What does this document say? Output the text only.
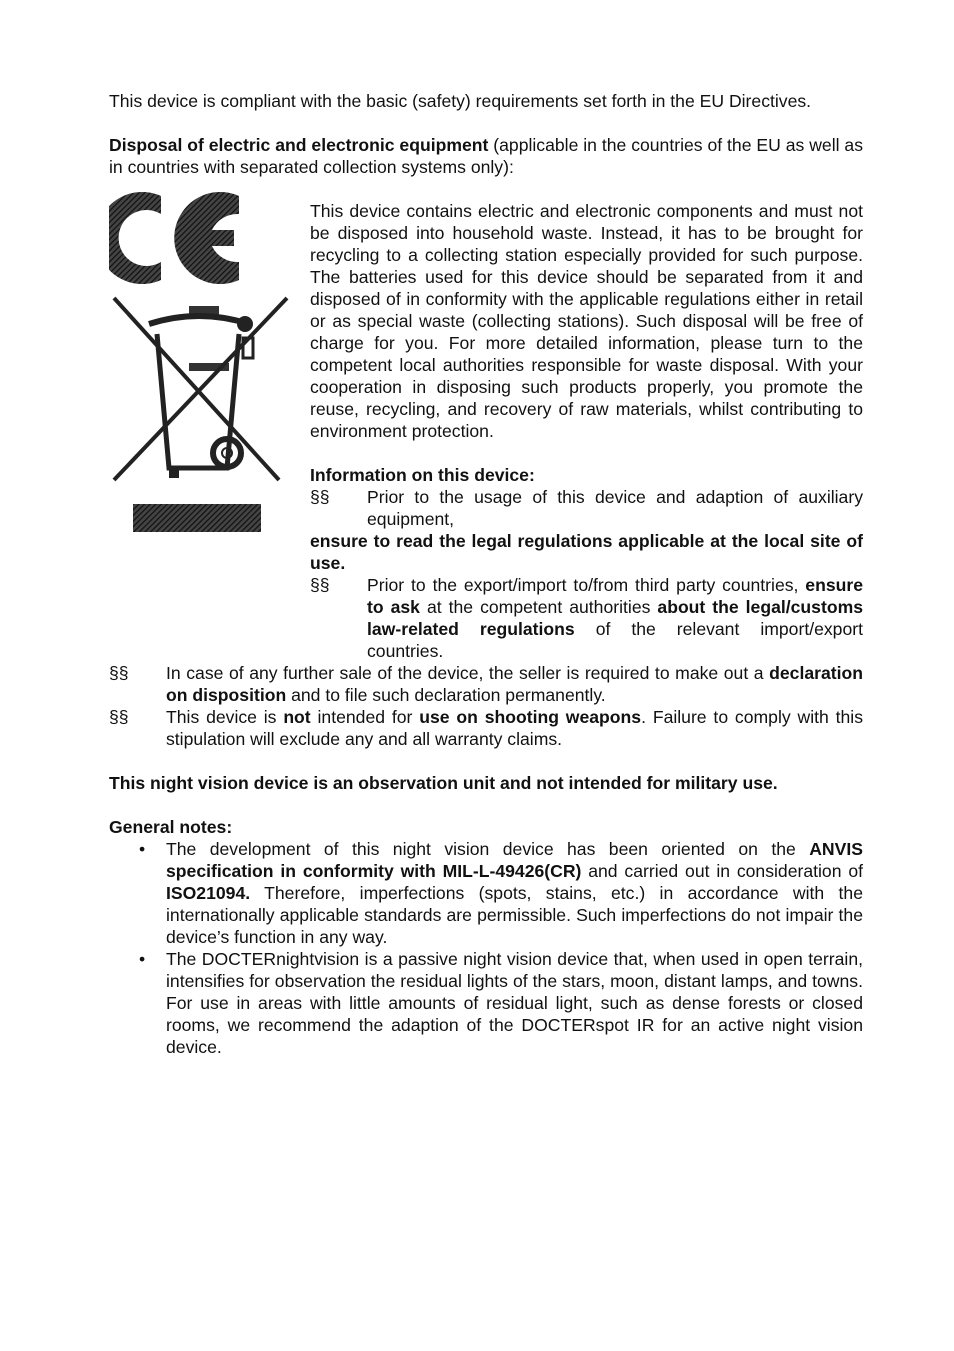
This device is compliant with the basic (safety) requirements set forth in the EU Directives.

Disposal of electric and electronic equipment (applicable in the countries of the EU as well as in countries with separated collection systems only):

This device contains electric and electronic components and must not be disposed into household waste. Instead, it has to be brought for recycling to a collecting station especially provided for such purpose. The batteries used for this device should be separated from it and disposed of in conformity with the applicable regulations either in retail or as special waste (collecting stations). Such disposal will be free of charge for you. For more detailed information, please turn to the competent local authorities responsible for waste disposal. With your cooperation in disposing such products properly, you promote the reuse, recycling, and recovery of raw materials, whilst contributing to environment protection.

Information on this device:

§§	Prior to the usage of this device and adaption of auxiliary equipment,
ensure to read the legal regulations applicable at the local site of use.
§§	Prior to the export/import to/from third party countries, ensure to ask at the competent authorities about the legal/customs law-related regulations of the relevant import/export countries.
§§	In case of any further sale of the device, the seller is required to make out a declaration on disposition and to file such declaration permanently.
§§	This device is not intended for use on shooting weapons. Failure to comply with this stipulation will exclude any and all warranty claims.

This night vision device is an observation unit and not intended for military use.

General notes:

•	The development of this night vision device has been oriented on the ANVIS specification in conformity with MIL-L-49426(CR) and carried out in consideration of ISO21094. Therefore, imperfections (spots, stains, etc.) in accordance with the internationally applicable standards are permissible. Such imperfections do not impair the device’s function in any way.
•	The DOCTERnightvision is a passive night vision device that, when used in open terrain, intensifies for observation the residual lights of the stars, moon, distant lamps, and towns. For use in areas with little amounts of residual light, such as dense forests or closed rooms, we recommend the adaption of the DOCTERspot IR for an active night vision device.
